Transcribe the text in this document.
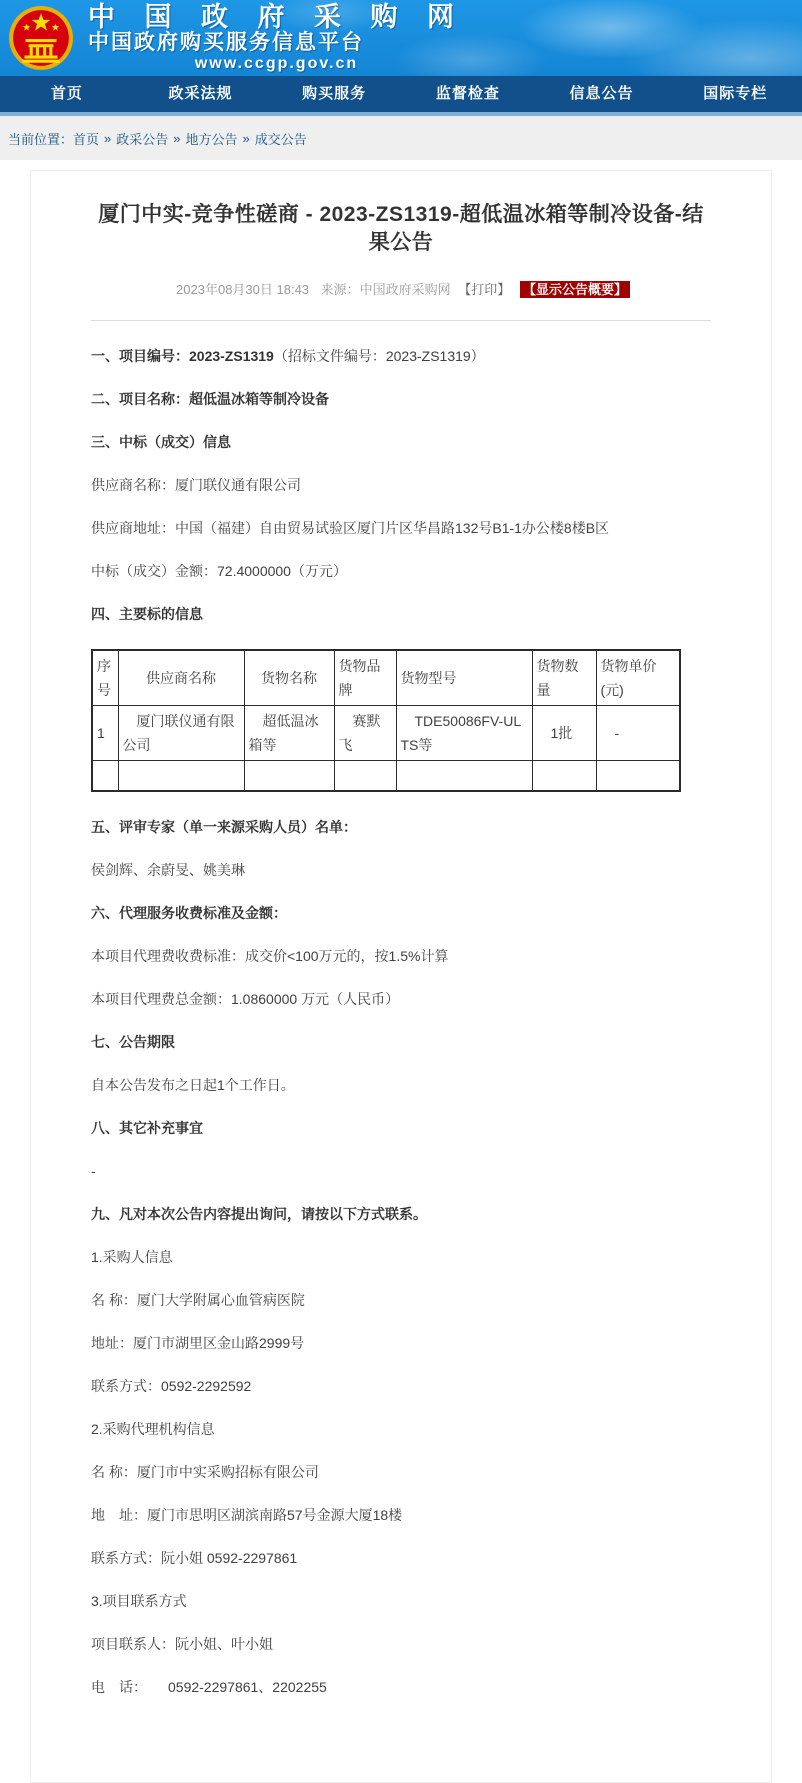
中 国 政 府 采 购 网
中国政府购买服务信息平台
www.ccgp.gov.cn
首页	政采法规	购买服务	监督检查	信息公告	国际专栏
当前位置： 首页 » 政采公告 » 地方公告 » 成交公告
厦门中实-竞争性磋商 - 2023-ZS1319-超低温冰箱等制冷设备-结果公告
2023年08月30日 18:43 来源：中国政府采购网 【打印】 【显示公告概要】

一、项目编号：2023-ZS1319（招标文件编号：2023-ZS1319）

二、项目名称：超低温冰箱等制冷设备

三、中标（成交）信息

供应商名称：厦门联仪通有限公司

供应商地址：中国（福建）自由贸易试验区厦门片区华昌路132号B1-1办公楼8楼B区

中标（成交）金额：72.4000000（万元）

四、主要标的信息

序号	供应商名称	货物名称	货物品牌	货物型号	货物数量	货物单价(元)
1	厦门联仪通有限公司	超低温冰箱等	赛默飞	TDE50086FV-ULTS等	1批	-

五、评审专家（单一来源采购人员）名单：

侯剑辉、余蔚旻、姚美琳

六、代理服务收费标准及金额：

本项目代理费收费标准：成交价<100万元的，按1.5%计算

本项目代理费总金额：1.0860000 万元（人民币）

七、公告期限

自本公告发布之日起1个工作日。

八、其它补充事宜

-

九、凡对本次公告内容提出询问，请按以下方式联系。

1.采购人信息

名 称：厦门大学附属心血管病医院

地址：厦门市湖里区金山路2999号

联系方式：0592-2292592

2.采购代理机构信息

名 称：厦门市中实采购招标有限公司

地　址：厦门市思明区湖滨南路57号金源大厦18楼

联系方式：阮小姐 0592-2297861

3.项目联系方式

项目联系人：阮小姐、叶小姐

电　话：　　0592-2297861、2202255
